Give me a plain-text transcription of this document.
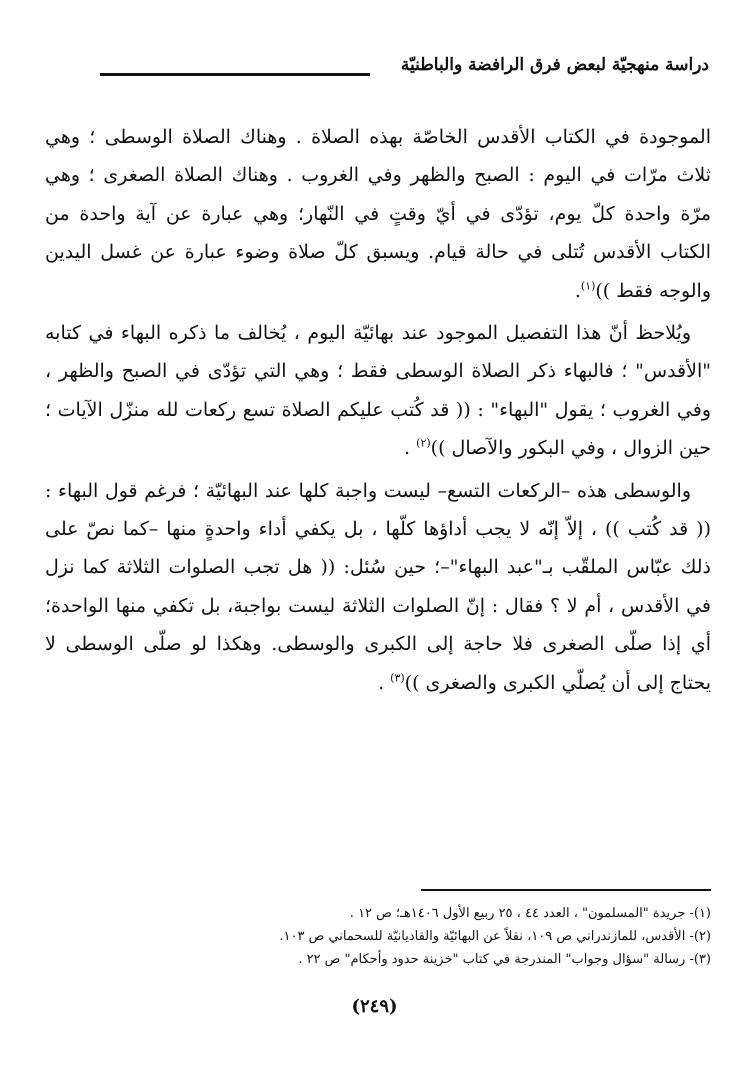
دراسة منهجيّة لبعض فرق الرافضة والباطنيّة

الموجودة في الكتاب الأقدس الخاصّة بهذه الصلاة . وهناك الصلاة الوسطى ؛ وهي ثلاث مرّات في اليوم : الصبح والظهر وفي الغروب . وهناك الصلاة الصغرى ؛ وهي مرّة واحدة كلّ يوم، تؤدّى في أيّ وقتٍ في النّهار؛ وهي عبارة عن آية واحدة من الكتاب الأقدس تُتلى في حالة قيام. ويسبق كلّ صلاة وضوء عبارة عن غسل اليدين والوجه فقط ))$^{(١)}$.

ويُلاحظ أنّ هذا التفصيل الموجود عند بهائيّة اليوم ، يُخالف ما ذكره البهاء في كتابه "الأقدس" ؛ فالبهاء ذكر الصلاة الوسطى فقط ؛ وهي التي تؤدّى في الصبح والظهر ، وفي الغروب ؛ يقول "البهاء" : (( قد كُتب عليكم الصلاة تسع ركعات لله منزّل الآيات ؛ حين الزوال ، وفي البكور والآصال ))$^{(٢)}$ .

والوسطى هذه –الركعات التسع– ليست واجبة كلها عند البهائيّة ؛ فرغم قول البهاء : (( قد كُتب )) ، إلاّ إنّه لا يجب أداؤها كلّها ، بل يكفي أداء واحدةٍ منها –كما نصّ على ذلك عبّاس الملقّب بـ"عبد البهاء"–؛ حين سُئل: (( هل تجب الصلوات الثلاثة كما نزل في الأقدس ، أم لا ؟ فقال : إنّ الصلوات الثلاثة ليست بواجبة، بل تكفي منها الواحدة؛ أي إذا صلّى الصغرى فلا حاجة إلى الكبرى والوسطى. وهكذا لو صلّى الوسطى لا يحتاج إلى أن يُصلّي الكبرى والصغرى ))$^{(٣)}$ .

(١)- جريدة "المسلمون" ، العدد ٤٤ ، ٢٥ ربيع الأول ١٤٠٦هـ؛ ص ١٢ .
(٢)- الأقدس، للمازندراني ص ١٠٩، نقلاً عن البهائيّة والقاديانيّة للسحماني ص ١٠٣.
(٣)- رسالة "سؤال وجواب" المندرجة في كتاب "خزينة حدود وأحكام" ص ٢٢ .
(٢٤٩)
